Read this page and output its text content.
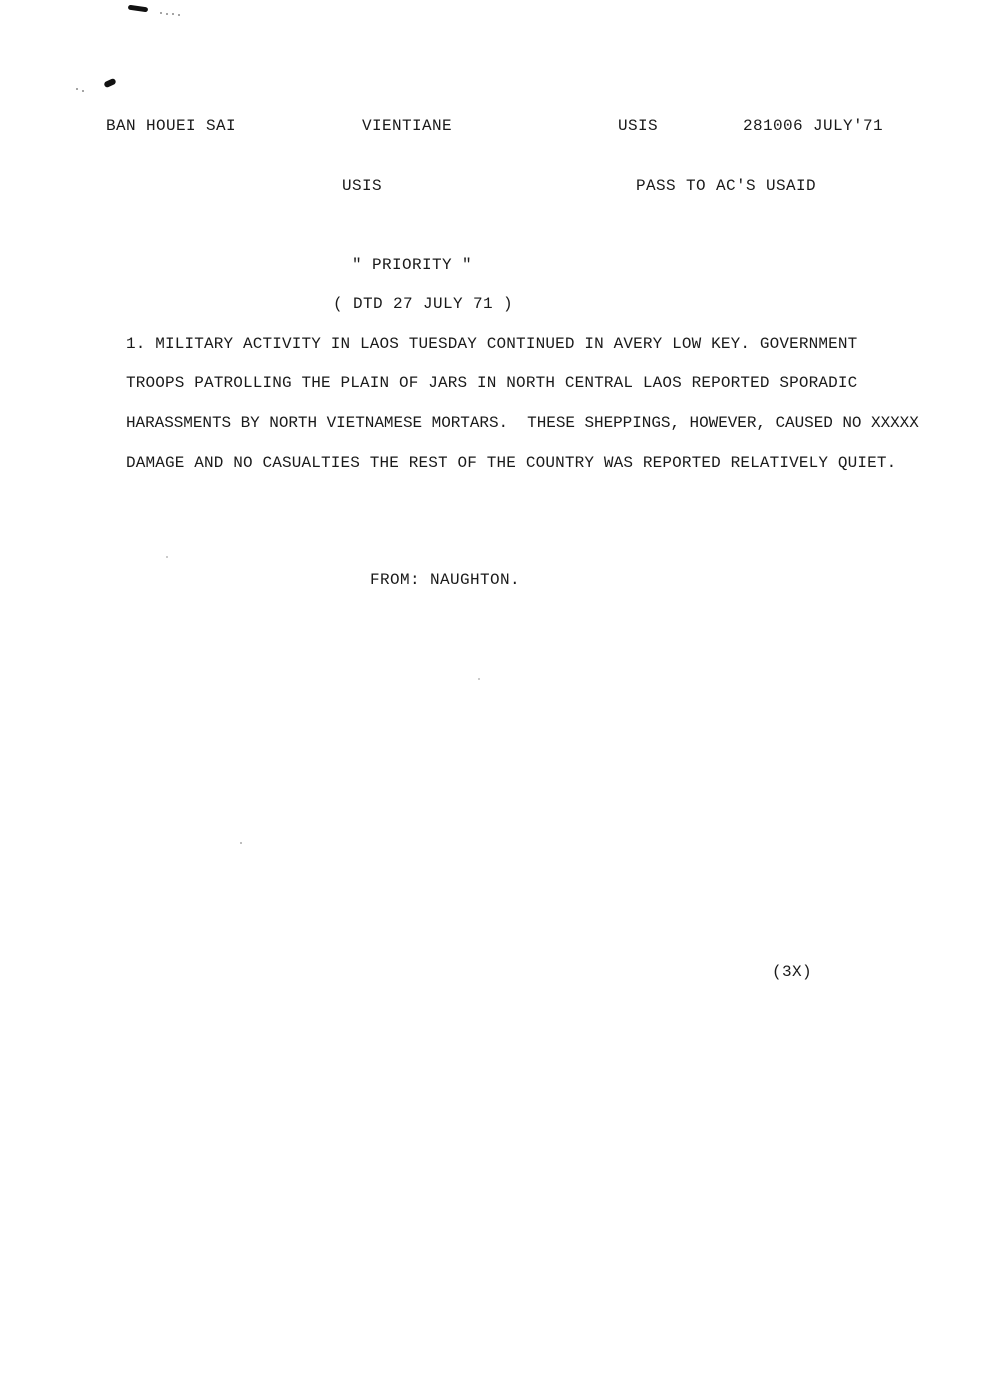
BAN HOUEI SAI	VIENTIANE	USIS	281006 JULY'71
USIS	PASS TO AC'S USAID
" PRIORITY "
( DTD 27 JULY 71 )
1. MILITARY ACTIVITY IN LAOS TUESDAY CONTINUED IN AVERY LOW KEY. GOVERNMENT
TROOPS PATROLLING THE PLAIN OF JARS IN NORTH CENTRAL LAOS REPORTED SPORADIC
HARASSMENTS BY NORTH VIETNAMESE MORTARS.  THESE SHEPPINGS, HOWEVER, CAUSED NO XXXXX
DAMAGE AND NO CASUALTIES THE REST OF THE COUNTRY WAS REPORTED RELATIVELY QUIET.
FROM: NAUGHTON.
(3X)
